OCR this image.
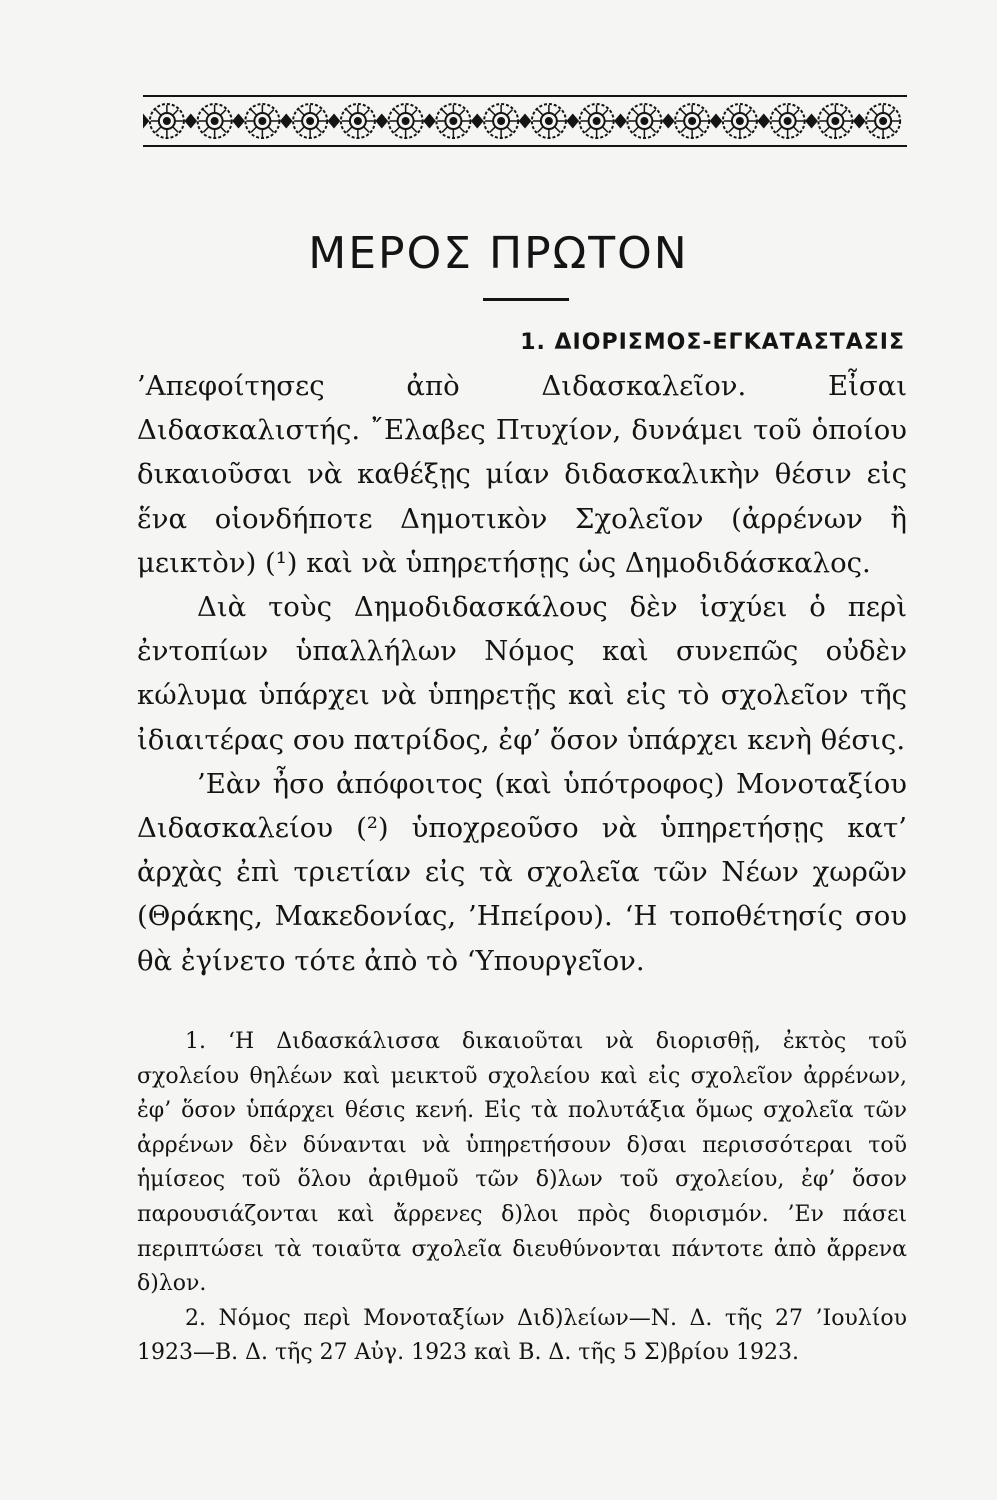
ΜΕΡΟΣ ΠΡΩΤΟΝ
1. ΔΙΟΡΙΣΜΟΣ-ΕΓΚΑΤΑΣΤΑΣΙΣ

’Απεφοίτησες ἀπὸ Διδασκαλεῖον. Εἶσαι Διδασκαλιστής. ῎Ελαβες Πτυχίον, δυνάμει τοῦ ὁποίου δικαιοῦσαι νὰ καθέξῃς μίαν διδασκαλικὴν θέσιν εἰς ἕνα οἱονδήποτε Δημοτικὸν Σχολεῖον (ἀρρένων ἢ μεικτὸν) (¹) καὶ νὰ ὑπηρετήσῃς ὡς Δημοδιδάσκαλος.

Διὰ τοὺς Δημοδιδασκάλους δὲν ἰσχύει ὁ περὶ ἐντοπίων ὑπαλλήλων Νόμος καὶ συνεπῶς οὐδὲν κώλυμα ὑπάρχει νὰ ὑπηρετῇς καὶ εἰς τὸ σχολεῖον τῆς ἰδιαιτέρας σου πατρίδος, ἐφ’ ὅσον ὑπάρχει κενὴ θέσις.

’Εὰν ἦσο ἀπόφοιτος (καὶ ὑπότροφος) Μονοταξίου Διδασκαλείου (²) ὑποχρεοῦσο νὰ ὑπηρετήσῃς κατ’ ἀρχὰς ἐπὶ τριετίαν εἰς τὰ σχολεῖα τῶν Νέων χωρῶν (Θράκης, Μακεδονίας, ’Ηπείρου). ‘Η τοποθέτησίς σου θὰ ἐγίνετο τότε ἀπὸ τὸ ‘Υπουργεῖον.

1. ‘Η Διδασκάλισσα δικαιοῦται νὰ διορισθῇ, ἐκτὸς τοῦ σχολείου θηλέων καὶ μεικτοῦ σχολείου καὶ εἰς σχολεῖον ἀρρένων, ἐφ’ ὅσον ὑπάρχει θέσις κενή. Εἰς τὰ πολυτάξια ὅμως σχολεῖα τῶν ἀρρένων δὲν δύνανται νὰ ὑπηρετήσουν δ)σαι περισσότεραι τοῦ ἡμίσεος τοῦ ὅλου ἀριθμοῦ τῶν δ)λων τοῦ σχολείου, ἐφ’ ὅσον παρουσιάζονται καὶ ἄρρενες δ)λοι πρὸς διορισμόν. ’Εν πάσει περιπτώσει τὰ τοιαῦτα σχολεῖα διευθύνονται πάντοτε ἀπὸ ἄρρενα δ)λον.

2. Νόμος περὶ Μονοταξίων Διδ)λείων—Ν. Δ. τῆς 27 ’Ιουλίου 1923—Β. Δ. τῆς 27 Αὐγ. 1923 καὶ Β. Δ. τῆς 5 Σ)βρίου 1923.
